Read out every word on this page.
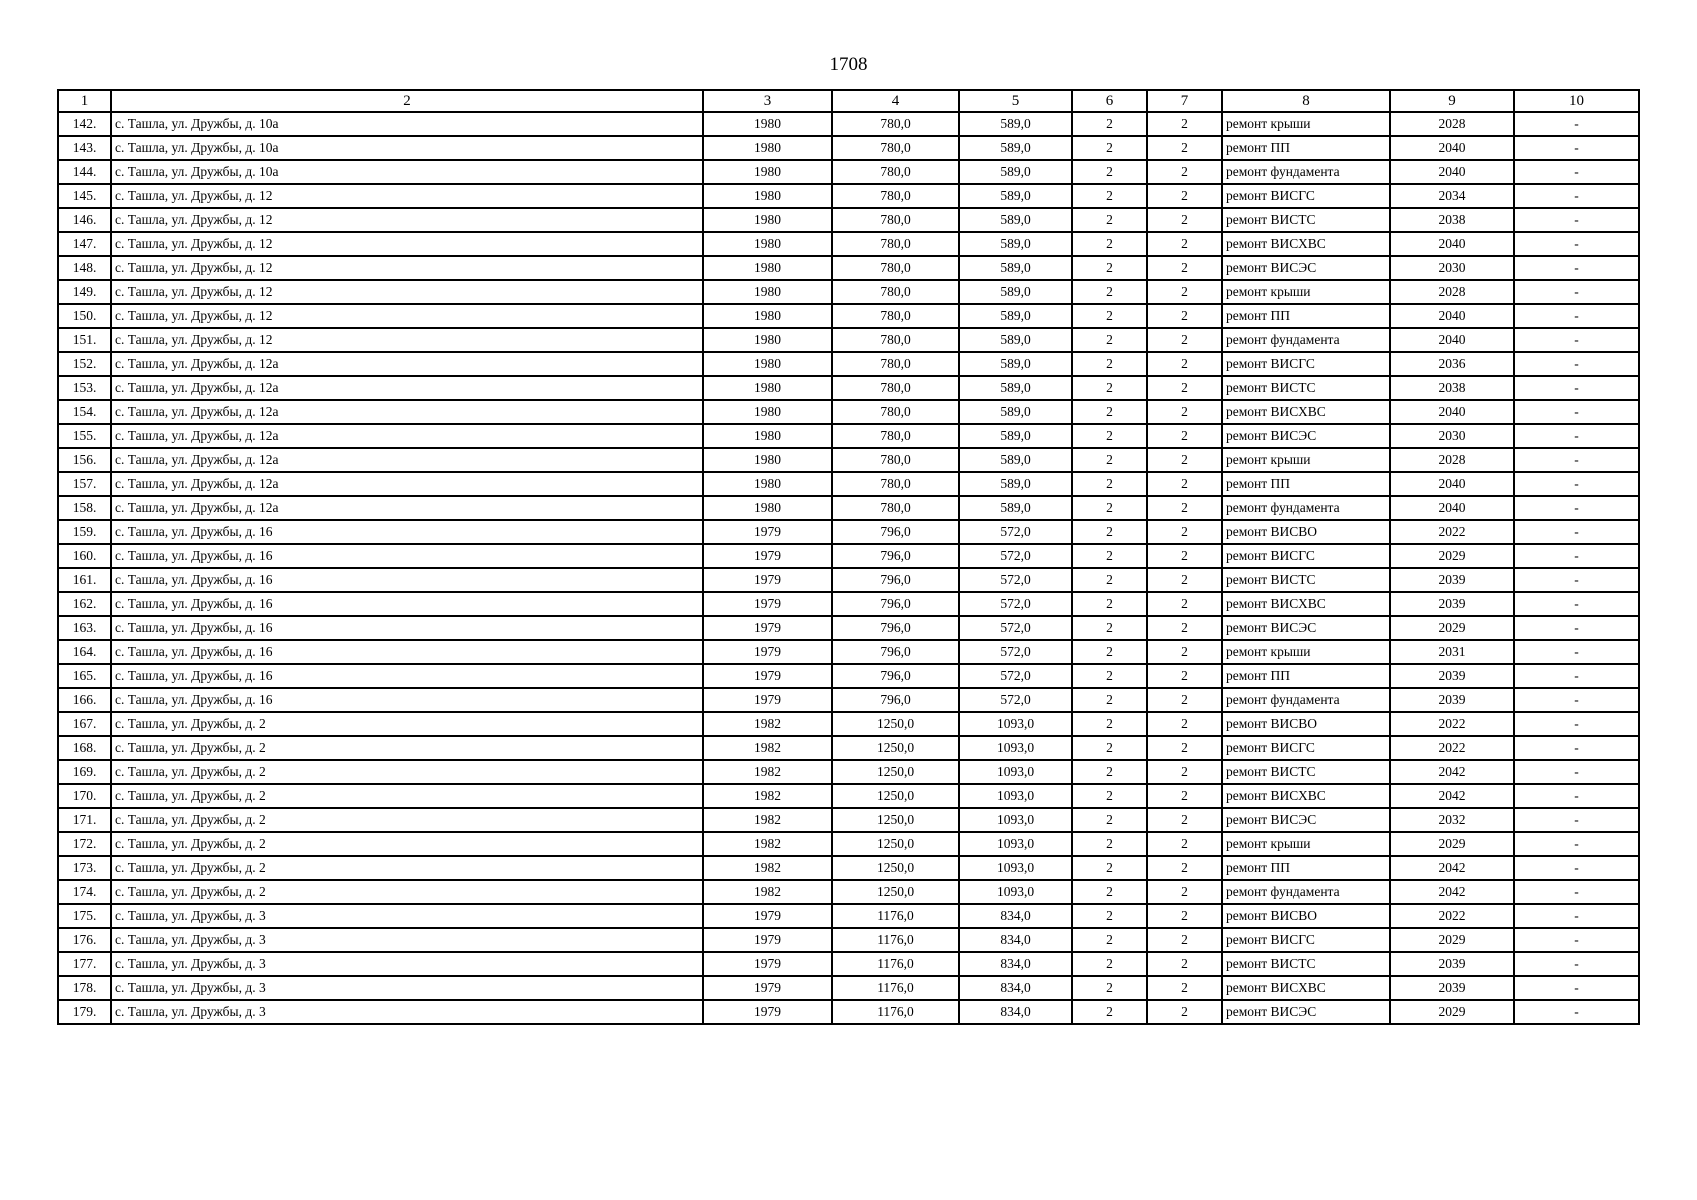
1708
1	2	3	4	5	6	7	8	9	10
142.	с. Ташла, ул. Дружбы, д. 10а	1980	780,0	589,0	2	2	ремонт крыши	2028	-
143.	с. Ташла, ул. Дружбы, д. 10а	1980	780,0	589,0	2	2	ремонт ПП	2040	-
144.	с. Ташла, ул. Дружбы, д. 10а	1980	780,0	589,0	2	2	ремонт фундамента	2040	-
145.	с. Ташла, ул. Дружбы, д. 12	1980	780,0	589,0	2	2	ремонт ВИСГС	2034	-
146.	с. Ташла, ул. Дружбы, д. 12	1980	780,0	589,0	2	2	ремонт ВИСТС	2038	-
147.	с. Ташла, ул. Дружбы, д. 12	1980	780,0	589,0	2	2	ремонт ВИСХВС	2040	-
148.	с. Ташла, ул. Дружбы, д. 12	1980	780,0	589,0	2	2	ремонт ВИСЭС	2030	-
149.	с. Ташла, ул. Дружбы, д. 12	1980	780,0	589,0	2	2	ремонт крыши	2028	-
150.	с. Ташла, ул. Дружбы, д. 12	1980	780,0	589,0	2	2	ремонт ПП	2040	-
151.	с. Ташла, ул. Дружбы, д. 12	1980	780,0	589,0	2	2	ремонт фундамента	2040	-
152.	с. Ташла, ул. Дружбы, д. 12а	1980	780,0	589,0	2	2	ремонт ВИСГС	2036	-
153.	с. Ташла, ул. Дружбы, д. 12а	1980	780,0	589,0	2	2	ремонт ВИСТС	2038	-
154.	с. Ташла, ул. Дружбы, д. 12а	1980	780,0	589,0	2	2	ремонт ВИСХВС	2040	-
155.	с. Ташла, ул. Дружбы, д. 12а	1980	780,0	589,0	2	2	ремонт ВИСЭС	2030	-
156.	с. Ташла, ул. Дружбы, д. 12а	1980	780,0	589,0	2	2	ремонт крыши	2028	-
157.	с. Ташла, ул. Дружбы, д. 12а	1980	780,0	589,0	2	2	ремонт ПП	2040	-
158.	с. Ташла, ул. Дружбы, д. 12а	1980	780,0	589,0	2	2	ремонт фундамента	2040	-
159.	с. Ташла, ул. Дружбы, д. 16	1979	796,0	572,0	2	2	ремонт ВИСВО	2022	-
160.	с. Ташла, ул. Дружбы, д. 16	1979	796,0	572,0	2	2	ремонт ВИСГС	2029	-
161.	с. Ташла, ул. Дружбы, д. 16	1979	796,0	572,0	2	2	ремонт ВИСТС	2039	-
162.	с. Ташла, ул. Дружбы, д. 16	1979	796,0	572,0	2	2	ремонт ВИСХВС	2039	-
163.	с. Ташла, ул. Дружбы, д. 16	1979	796,0	572,0	2	2	ремонт ВИСЭС	2029	-
164.	с. Ташла, ул. Дружбы, д. 16	1979	796,0	572,0	2	2	ремонт крыши	2031	-
165.	с. Ташла, ул. Дружбы, д. 16	1979	796,0	572,0	2	2	ремонт ПП	2039	-
166.	с. Ташла, ул. Дружбы, д. 16	1979	796,0	572,0	2	2	ремонт фундамента	2039	-
167.	с. Ташла, ул. Дружбы, д. 2	1982	1250,0	1093,0	2	2	ремонт ВИСВО	2022	-
168.	с. Ташла, ул. Дружбы, д. 2	1982	1250,0	1093,0	2	2	ремонт ВИСГС	2022	-
169.	с. Ташла, ул. Дружбы, д. 2	1982	1250,0	1093,0	2	2	ремонт ВИСТС	2042	-
170.	с. Ташла, ул. Дружбы, д. 2	1982	1250,0	1093,0	2	2	ремонт ВИСХВС	2042	-
171.	с. Ташла, ул. Дружбы, д. 2	1982	1250,0	1093,0	2	2	ремонт ВИСЭС	2032	-
172.	с. Ташла, ул. Дружбы, д. 2	1982	1250,0	1093,0	2	2	ремонт крыши	2029	-
173.	с. Ташла, ул. Дружбы, д. 2	1982	1250,0	1093,0	2	2	ремонт ПП	2042	-
174.	с. Ташла, ул. Дружбы, д. 2	1982	1250,0	1093,0	2	2	ремонт фундамента	2042	-
175.	с. Ташла, ул. Дружбы, д. 3	1979	1176,0	834,0	2	2	ремонт ВИСВО	2022	-
176.	с. Ташла, ул. Дружбы, д. 3	1979	1176,0	834,0	2	2	ремонт ВИСГС	2029	-
177.	с. Ташла, ул. Дружбы, д. 3	1979	1176,0	834,0	2	2	ремонт ВИСТС	2039	-
178.	с. Ташла, ул. Дружбы, д. 3	1979	1176,0	834,0	2	2	ремонт ВИСХВС	2039	-
179.	с. Ташла, ул. Дружбы, д. 3	1979	1176,0	834,0	2	2	ремонт ВИСЭС	2029	-
